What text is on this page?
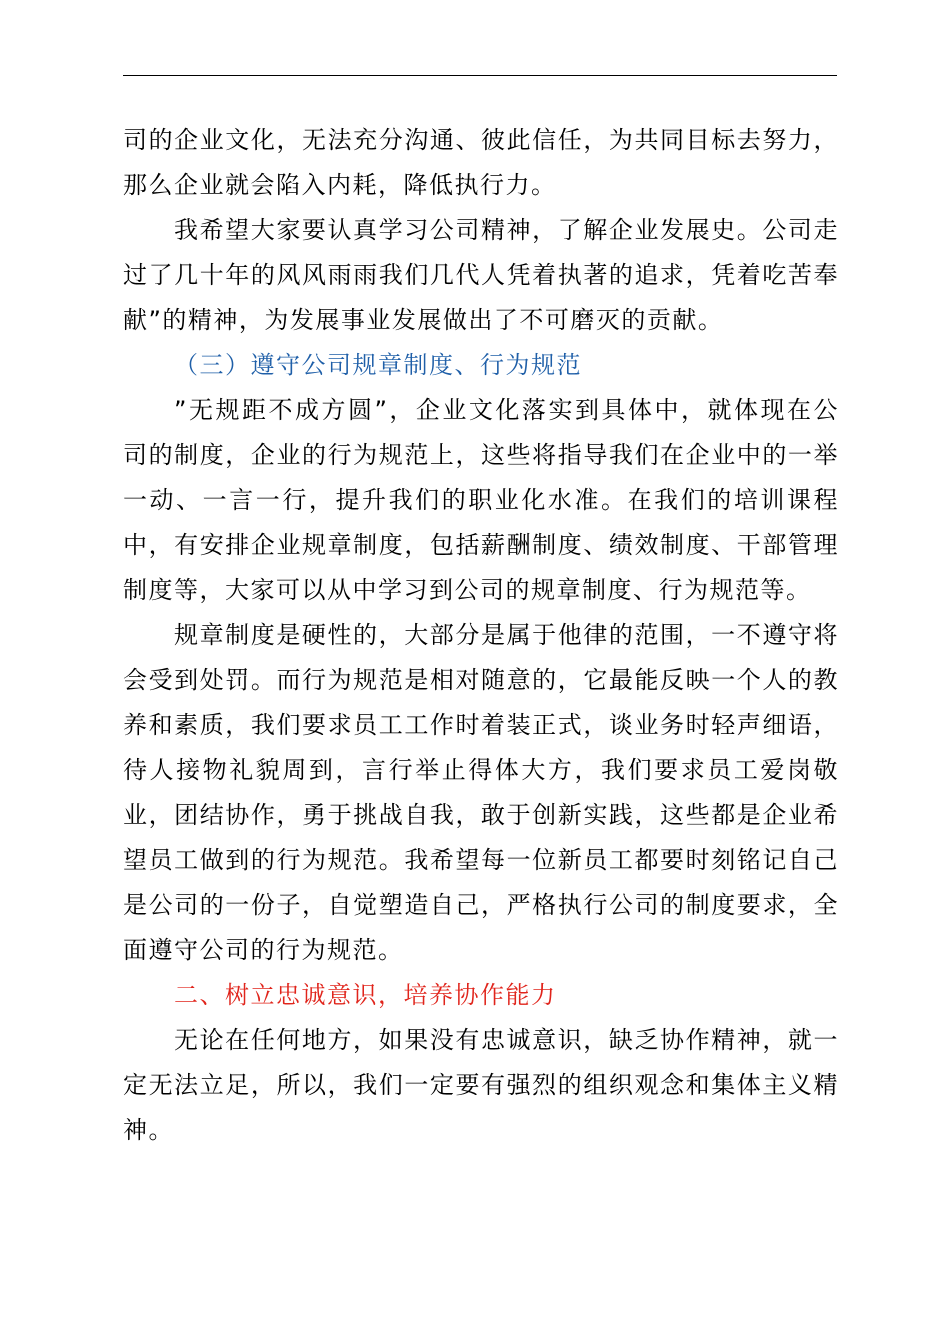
司的企业文化，无法充分沟通、彼此信任，为共同目标去努力，那么企业就会陷入内耗，降低执行力。

我希望大家要认真学习公司精神，了解企业发展史。公司走过了几十年的风风雨雨我们几代人凭着执著的追求，凭着吃苦奉献”的精神，为发展事业发展做出了不可磨灭的贡献。

（三）遵守公司规章制度、行为规范

”无规距不成方圆”，企业文化落实到具体中，就体现在公司的制度，企业的行为规范上，这些将指导我们在企业中的一举一动、一言一行，提升我们的职业化水准。在我们的培训课程中，有安排企业规章制度，包括薪酬制度、绩效制度、干部管理制度等，大家可以从中学习到公司的规章制度、行为规范等。

规章制度是硬性的，大部分是属于他律的范围，一不遵守将会受到处罚。而行为规范是相对随意的，它最能反映一个人的教养和素质，我们要求员工工作时着装正式，谈业务时轻声细语，待人接物礼貌周到，言行举止得体大方，我们要求员工爱岗敬业，团结协作，勇于挑战自我，敢于创新实践，这些都是企业希望员工做到的行为规范。我希望每一位新员工都要时刻铭记自己是公司的一份子，自觉塑造自己，严格执行公司的制度要求，全面遵守公司的行为规范。

二、树立忠诚意识，培养协作能力

无论在任何地方，如果没有忠诚意识，缺乏协作精神，就一定无法立足，所以，我们一定要有强烈的组织观念和集体主义精神。
